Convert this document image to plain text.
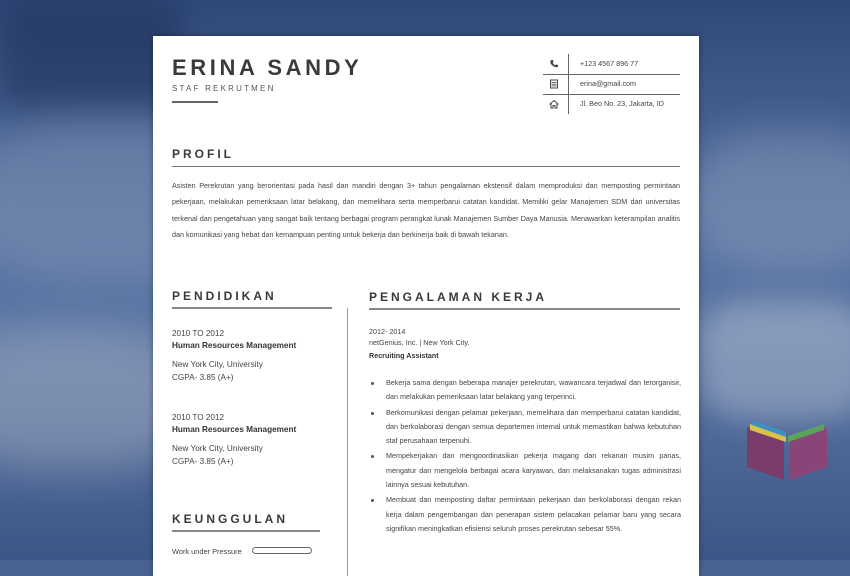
ERINA SANDY
STAF REKRUTMEN
+123 4567 896 77
erina@gmail.com
Jl. Beo No. 23, Jakarta, ID
PROFIL
Asisten Perekrutan yang berorientasi pada hasil dan mandiri dengan 3+ tahun pengalaman ekstensif dalam memproduksi dan memposting permintaan pekerjaan, melakukan pemeriksaan latar belakang, dan memelihara serta memperbarui catatan kandidat. Memiliki gelar Manajemen SDM dari universitas terkenal dan pengetahuan yang sangat baik tentang berbagai program perangkat lunak Manajemen Sumber Daya Manusia. Menawarkan keterampilan analitis dan komunikasi yang hebat dan kemampuan penting untuk bekerja dan berkinerja baik di bawah tekanan.
PENDIDIKAN
2010 TO 2012
Human Resources Management
New York City, University
CGPA- 3.85 (A+)
2010 TO 2012
Human Resources Management
New York City, University
CGPA- 3.85 (A+)
KEUNGGULAN
Work under Pressure
PENGALAMAN KERJA
2012- 2014
netGenius, Inc. | New York City.
Recruiting Assistant
Bekerja sama dengan beberapa manajer perekrutan, wawancara terjadwal dan terorganisir, dan melakukan pemeriksaan latar belakang yang terperinci.
Berkomunikasi dengan pelamar pekerjaan, memelihara dan memperbarui catatan kandidat, dan berkolaborasi dengan semua departemen internal untuk memastikan bahwa kebutuhan staf perusahaan terpenuhi.
Mempekerjakan dan mengoordinasikan pekerja magang dan rekanan musim panas, mengatur dan mengelola berbagai acara karyawan, dan melaksanakan tugas administrasi lainnya sesuai kebutuhan.
Membuat dan memposting daftar permintaan pekerjaan dan berkolaborasi dengan rekan kerja dalam pengembangan dan penerapan sistem pelacakan pelamar baru yang secara signifikan meningkatkan efisiensi seluruh proses perekrutan sebesar 55%.
